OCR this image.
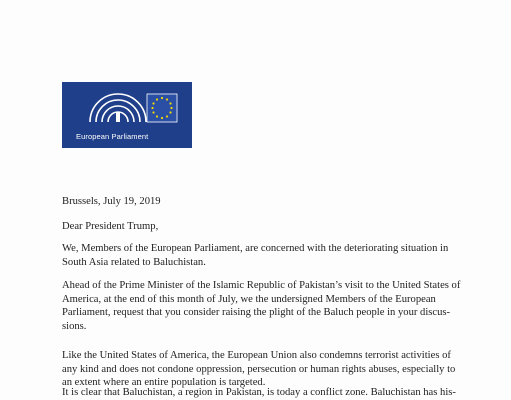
European Parliament
Brussels, July 19, 2019
Dear President Trump,
We, Members of the European Parliament, are concerned with the deteriorating situation in
South Asia related to Baluchistan.
Ahead of the Prime Minister of the Islamic Republic of Pakistan’s visit to the United States of
America, at the end of this month of July, we the undersigned Members of the European
Parliament, request that you consider raising the plight of the Baluch people in your discus-
sions.
Like the United States of America, the European Union also condemns terrorist activities of
any kind and does not condone oppression, persecution or human rights abuses, especially to
an extent where an entire population is targeted.
It is clear that Baluchistan, a region in Pakistan, is today a conflict zone. Baluchistan has his-
